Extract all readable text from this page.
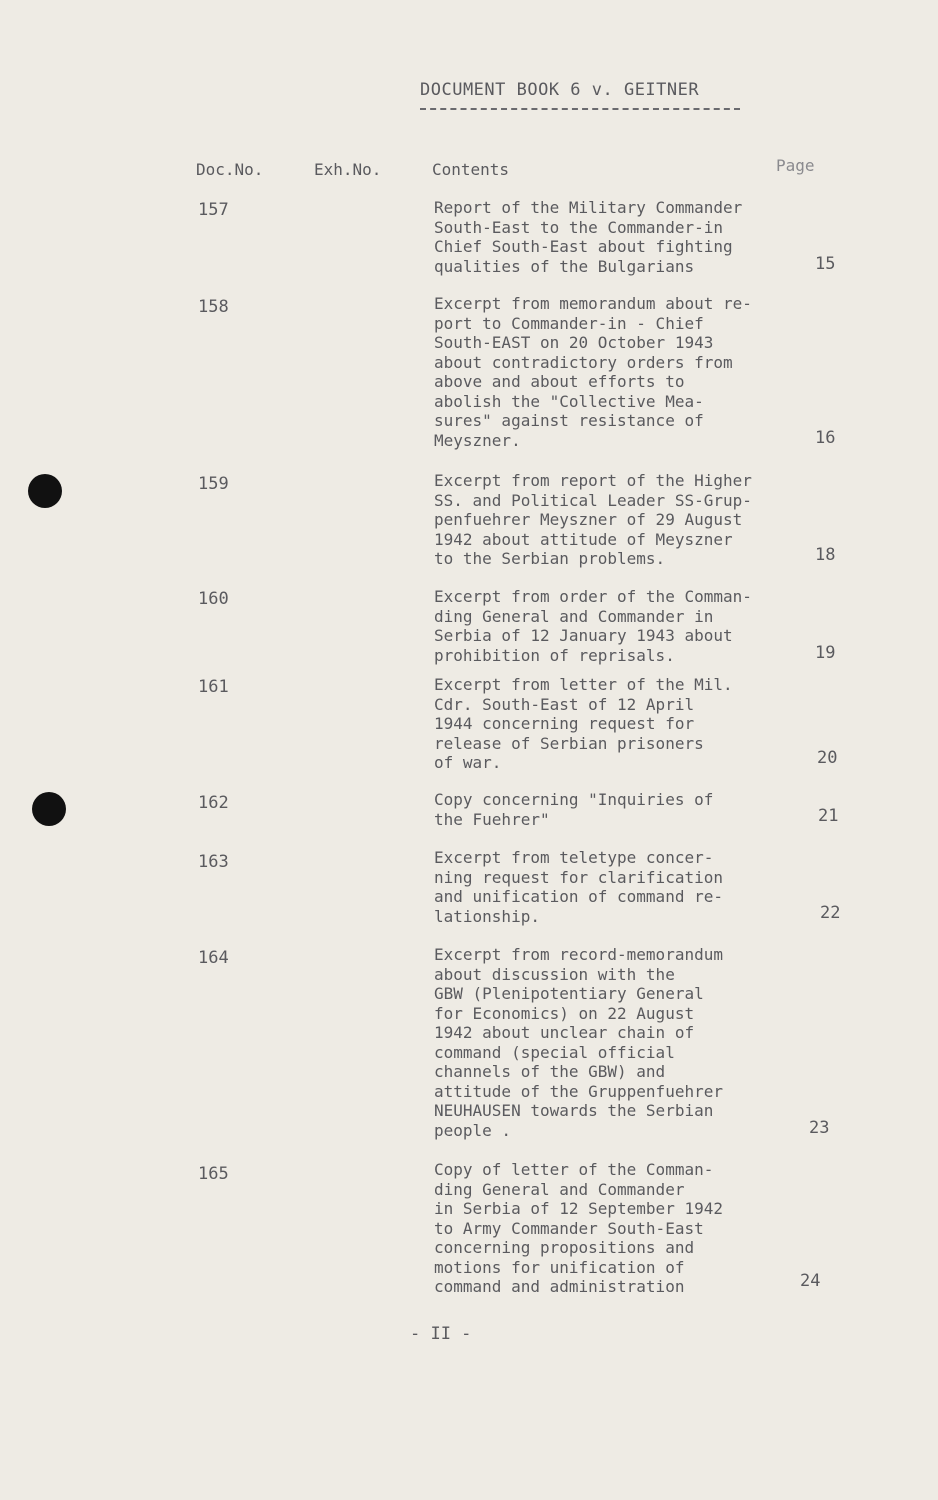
DOCUMENT BOOK 6 v. GEITNER
Doc.No.	Exh.No.	Contents	Page
157	Report of the Military Commander
South-East to the Commander-in
Chief South-East about fighting
qualities of the Bulgarians	15
158	Excerpt from memorandum about re-
port to Commander-in - Chief
South-EAST on 20 October 1943
about contradictory orders from
above and about efforts to
abolish the "Collective Mea-
sures" against resistance of
Meyszner.	16
159	Excerpt from report of the Higher
SS. and Political Leader SS-Grup-
penfuehrer Meyszner of 29 August
1942 about attitude of Meyszner
to the Serbian problems.	18
160	Excerpt from order of the Comman-
ding General and Commander in
Serbia of 12 January 1943 about
prohibition of reprisals.	19
161	Excerpt from letter of the Mil.
Cdr. South-East of 12 April
1944 concerning request for
release of Serbian prisoners
of war.	20
162	Copy concerning "Inquiries of
the Fuehrer"	21
163	Excerpt from teletype concer-
ning request for clarification
and unification of command re-
lationship.	22
164	Excerpt from record-memorandum
about discussion with the
GBW (Plenipotentiary General
for Economics) on 22 August
1942 about unclear chain of
command (special official
channels of the GBW) and
attitude of the Gruppenfuehrer
NEUHAUSEN towards the Serbian
people .	23
165	Copy of letter of the Comman-
ding General and Commander
in Serbia of 12 September 1942
to Army Commander South-East
concerning propositions and
motions for unification of
command and administration	24
- II -
